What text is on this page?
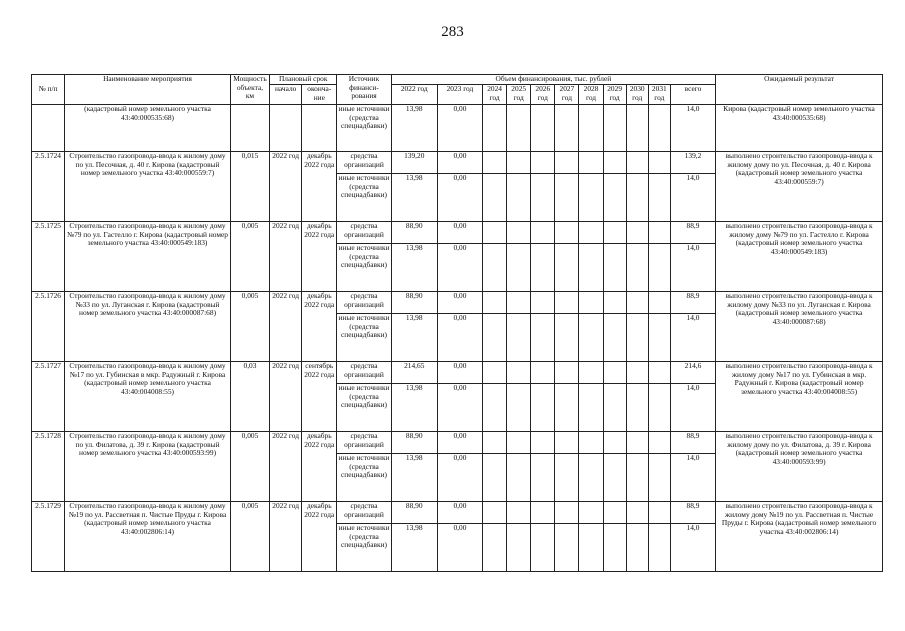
283
№ п/п	Наименование мероприятия	Мощность объекта, км	Плановый срок		Источник финанси- рования	Объем финансирования, тыс. рублей											Ожидаемый результат
			начало	оконча- ние		2022 год	2023 год	2024 год	2025 год	2026 год	2027 год	2028 год	2029 год	2030 год	2031 год	всего	
	(кадастровый номер земельного участка 43:40:000535:68)				иные источники (средства спецнадбавки)	13,98	0,00									14,0	Кирова (кадастровый номер земельного участка 43:40:000535:68)
2.5.1724	Строительство газопровода-ввода к жилому дому по ул. Песочная, д. 40 г. Кирова (кадастровый номер земельного участка 43:40:000559:7)	0,015	2022 год	декабрь 2022 года	средства организаций	139,20	0,00									139,2	выполнено строительство газопровода-ввода к жилому дому по ул. Песочная, д. 40 г. Кирова (кадастровый номер земельного участка 43:40:000559:7)
					иные источники (средства спецнадбавки)	13,98	0,00									14,0	
2.5.1725	Строительство газопровода-ввода к жилому дому №79 по ул. Гастелло г. Кирова (кадастровый номер земельного участка 43:40:000549:183)	0,005	2022 год	декабрь 2022 года	средства организаций	88,90	0,00									88,9	выполнено строительство газопровода-ввода к жилому дому №79 по ул. Гастелло г. Кирова (кадастровый номер земельного участка 43:40:000549:183)
					иные источники (средства спецнадбавки)	13,98	0,00									14,0	
2.5.1726	Строительство газопровода-ввода к жилому дому №33 по ул. Луганская г. Кирова (кадастровый номер земельного участка 43:40:000087:68)	0,005	2022 год	декабрь 2022 года	средства организаций	88,90	0,00									88,9	выполнено строительство газопровода-ввода к жилому дому №33 по ул. Луганская г. Кирова (кадастровый номер земельного участка 43:40:000087:68)
					иные источники (средства спецнадбавки)	13,98	0,00									14,0	
2.5.1727	Строительство газопровода-ввода к жилому дому №17 по ул. Губинская в мкр. Радужный г. Кирова (кадастровый номер земельного участка 43:40:004008:55)	0,03	2022 год	сентябрь 2022 года	средства организаций	214,65	0,00									214,6	выполнено строительство газопровода-ввода к жилому дому №17 по ул. Губинская в мкр. Радужный г. Кирова (кадастровый номер земельного участка 43:40:004008:55)
					иные источники (средства спецнадбавки)	13,98	0,00									14,0	
2.5.1728	Строительство газопровода-ввода к жилому дому по ул. Филатова, д. 39 г. Кирова (кадастровый номер земельного участка 43:40:000593:99)	0,005	2022 год	декабрь 2022 года	средства организаций	88,90	0,00									88,9	выполнено строительство газопровода-ввода к жилому дому по ул. Филатова, д. 39 г. Кирова (кадастровый номер земельного участка 43:40:000593:99)
					иные источники (средства спецнадбавки)	13,98	0,00									14,0	
2.5.1729	Строительство газопровода-ввода к жилому дому №19 по ул. Рассветная п. Чистые Пруды г. Кирова (кадастровый номер земельного участка 43:40:002806:14)	0,005	2022 год	декабрь 2022 года	средства организаций	88,90	0,00									88,9	выполнено строительство газопровода-ввода к жилому дому №19 по ул. Рассветная п. Чистые Пруды г. Кирова (кадастровый номер земельного участка 43:40:002806:14)
					иные источники (средства спецнадбавки)	13,98	0,00									14,0	
